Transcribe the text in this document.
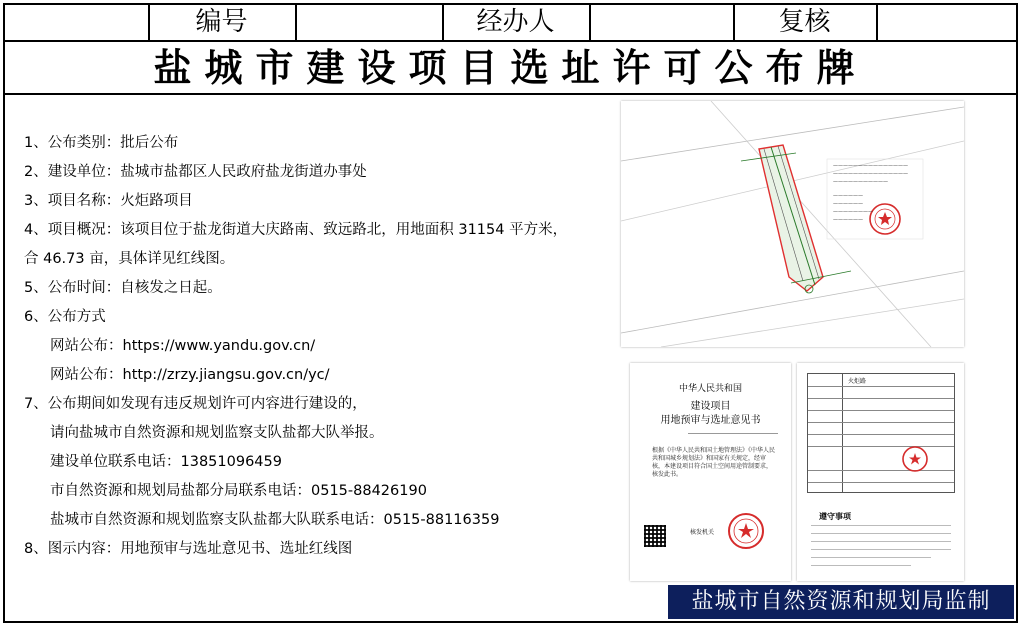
编号	经办人	复核
盐城市建设项目选址许可公布牌
1、公布类别：批后公布
2、建设单位：盐城市盐都区人民政府盐龙街道办事处
3、项目名称：火炬路项目
4、项目概况：该项目位于盐龙街道大庆路南、致远路北，用地面积 31154 平方米，
合 46.73 亩，具体详见红线图。
5、公布时间：自核发之日起。
6、公布方式
网站公布：https://www.yandu.gov.cn/
网站公布：http://zrzy.jiangsu.gov.cn/yc/
7、公布期间如发现有违反规划许可内容进行建设的，
请向盐城市自然资源和规划监察支队盐都大队举报。
建设单位联系电话：13851096459
市自然资源和规划局盐都分局联系电话：0515-88426190
盐城市自然资源和规划监察支队盐都大队联系电话：0515-88116359
8、图示内容：用地预审与选址意见书、选址红线图
———————————————
———————————————
———————————
——————
——————
————————
——————
中华人民共和国
建设项目
用地预审与选址意见书
根据《中华人民共和国土地管理法》《中华人民共和国城乡规划法》和国家有关规定，经审核，本建设项目符合国土空间用途管制要求，核发此书。
核发机关
火炬路
遵守事项
盐城市自然资源和规划局监制
